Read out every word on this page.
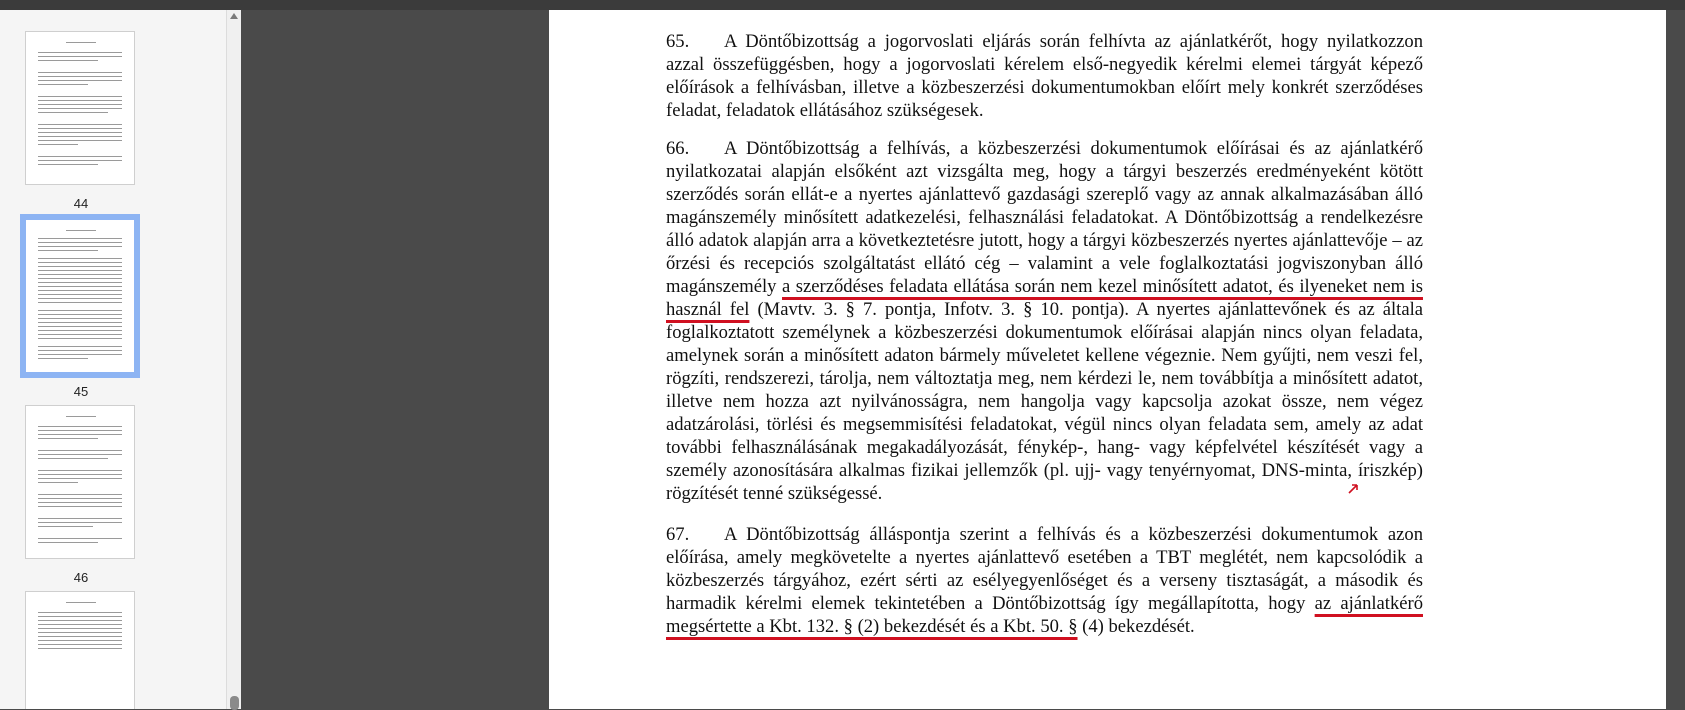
44
45
46
65. A Döntőbizottság a jogorvoslati eljárás során felhívta az ajánlatkérőt, hogy nyilatkozzon azzal összefüggésben, hogy a jogorvoslati kérelem első-negyedik kérelmi elemei tárgyát képező előírások a felhívásban, illetve a közbeszerzési dokumentumokban előírt mely konkrét szerződéses feladat, feladatok ellátásához szükségesek.
66. A Döntőbizottság a felhívás, a közbeszerzési dokumentumok előírásai és az ajánlatkérő nyilatkozatai alapján elsőként azt vizsgálta meg, hogy a tárgyi beszerzés eredményeként kötött szerződés során ellát-e a nyertes ajánlattevő gazdasági szereplő vagy az annak alkalmazásában álló magánszemély minősített adatkezelési, felhasználási feladatokat. A Döntőbizottság a rendelkezésre álló adatok alapján arra a következtetésre jutott, hogy a tárgyi közbeszerzés nyertes ajánlattevője – az őrzési és recepciós szolgáltatást ellátó cég – valamint a vele foglalkoztatási jogviszonyban álló magánszemély a szerződéses feladata ellátása során nem kezel minősített adatot, és ilyeneket nem is használ fel (Mavtv. 3. § 7. pontja, Infotv. 3. § 10. pontja). A nyertes ajánlattevőnek és az általa foglalkoztatott személynek a közbeszerzési dokumentumok előírásai alapján nincs olyan feladata, amelynek során a minősített adaton bármely műveletet kellene végeznie. Nem gyűjti, nem veszi fel, rögzíti, rendszerezi, tárolja, nem változtatja meg, nem kérdezi le, nem továbbítja a minősített adatot, illetve nem hozza azt nyilvánosságra, nem hangolja vagy kapcsolja azokat össze, nem végez adatzárolási, törlési és megsemmisítési feladatokat, végül nincs olyan feladata sem, amely az adat további felhasználásának megakadályozását, fénykép-, hang- vagy képfelvétel készítését vagy a személy azonosítására alkalmas fizikai jellemzők (pl. ujj- vagy tenyérnyomat, DNS-minta, íriszkép) rögzítését tenné szükségessé.
67. A Döntőbizottság álláspontja szerint a felhívás és a közbeszerzési dokumentumok azon előírása, amely megkövetelte a nyertes ajánlattevő esetében a TBT meglétét, nem kapcsolódik a közbeszerzés tárgyához, ezért sérti az esélyegyenlőséget és a verseny tisztaságát, a második és harmadik kérelmi elemek tekintetében a Döntőbizottság így megállapította, hogy az ajánlatkérő megsértette a Kbt. 132. § (2) bekezdését és a Kbt. 50. § (4) bekezdését.
